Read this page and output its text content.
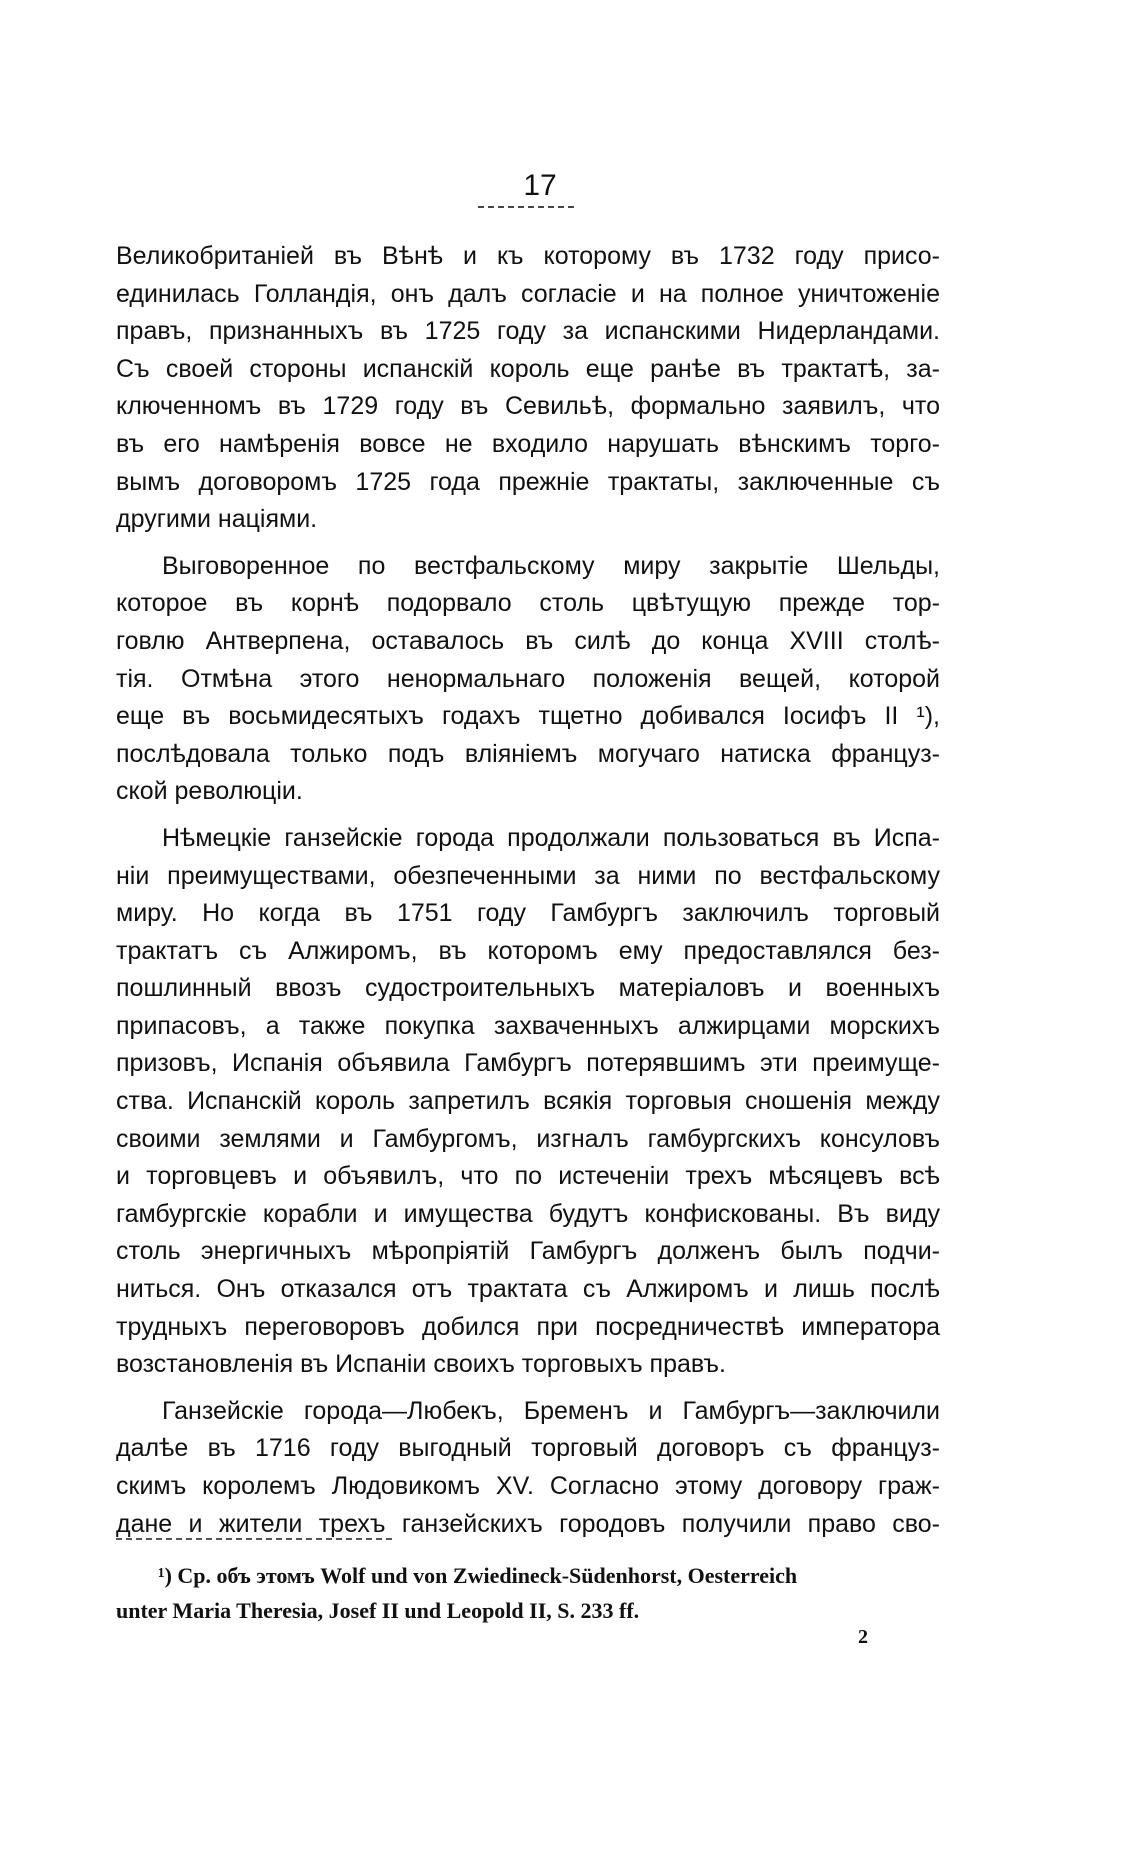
17
Великобританіей въ Вѣнѣ и къ которому въ 1732 году присо-
единилась Голландія, онъ далъ согласіе и на полное уничтоженіе
правъ, признанныхъ въ 1725 году за испанскими Нидерландами.
Съ своей стороны испанскій король еще ранѣе въ трактатѣ, за-
ключенномъ въ 1729 году въ Севильѣ, формально заявилъ, что
въ его намѣренія вовсе не входило нарушать вѣнскимъ торго-
вымъ договоромъ 1725 года прежніе трактаты, заключенные съ
другими націями.
Выговоренное по вестфальскому миру закрытіе Шельды,
которое въ корнѣ подорвало столь цвѣтущую прежде тор-
говлю Антверпена, оставалось въ силѣ до конца XVIII столѣ-
тія. Отмѣна этого ненормальнаго положенія вещей, которой
еще въ восьмидесятыхъ годахъ тщетно добивался Іосифъ II ¹),
послѣдовала только подъ вліяніемъ могучаго натиска француз-
ской революціи.
Нѣмецкіе ганзейскіе города продолжали пользоваться въ Испа-
ніи преимуществами, обезпеченными за ними по вестфальскому
миру. Но когда въ 1751 году Гамбургъ заключилъ торговый
трактатъ съ Алжиромъ, въ которомъ ему предоставлялся без-
пошлинный ввозъ судостроительныхъ матеріаловъ и военныхъ
припасовъ, а также покупка захваченныхъ алжирцами морскихъ
призовъ, Испанія объявила Гамбургъ потерявшимъ эти преимуще-
ства. Испанскій король запретилъ всякія торговыя сношенія между
своими землями и Гамбургомъ, изгналъ гамбургскихъ консуловъ
и торговцевъ и объявилъ, что по истеченіи трехъ мѣсяцевъ всѣ
гамбургскіе корабли и имущества будутъ конфискованы. Въ виду
столь энергичныхъ мѣропріятій Гамбургъ долженъ былъ подчи-
ниться. Онъ отказался отъ трактата съ Алжиромъ и лишь послѣ
трудныхъ переговоровъ добился при посредничествѣ императора
возстановленія въ Испаніи своихъ торговыхъ правъ.
Ганзейскіе города—Любекъ, Бременъ и Гамбургъ—заключили
далѣе въ 1716 году выгодный торговый договоръ съ француз-
скимъ королемъ Людовикомъ XV. Согласно этому договору граж-
дане и жители трехъ ганзейскихъ городовъ получили право сво-
¹) Ср. объ этомъ Wolf und von Zwiedineck-Südenhorst, Oesterreich
unter Maria Theresia, Josef II und Leopold II, S. 233 ff.
2
